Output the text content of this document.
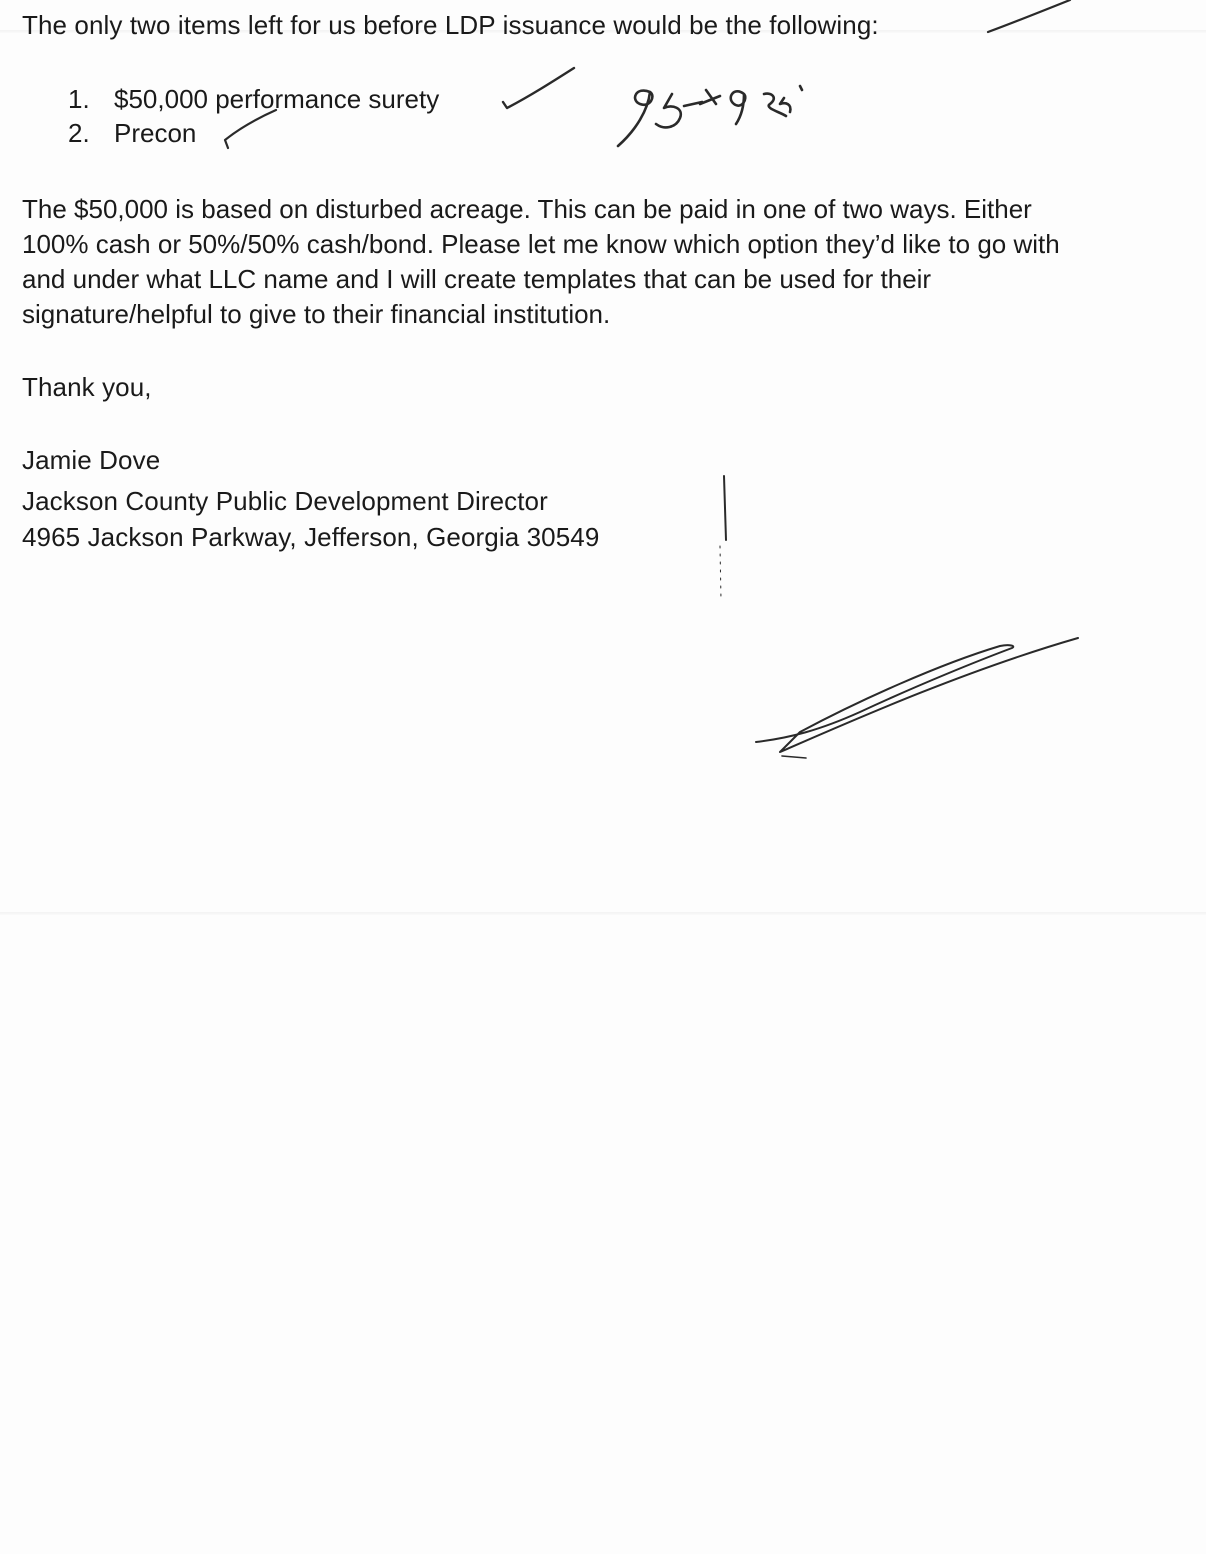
The only two items left for us before LDP issuance would be the following:
1. $50,000 performance surety
2. Precon
The $50,000 is based on disturbed acreage. This can be paid in one of two ways. Either
100% cash or 50%/50% cash/bond. Please let me know which option they’d like to go with
and under what LLC name and I will create templates that can be used for their
signature/helpful to give to their financial institution.
Thank you,
Jamie Dove
Jackson County Public Development Director
4965 Jackson Parkway, Jefferson, Georgia 30549
